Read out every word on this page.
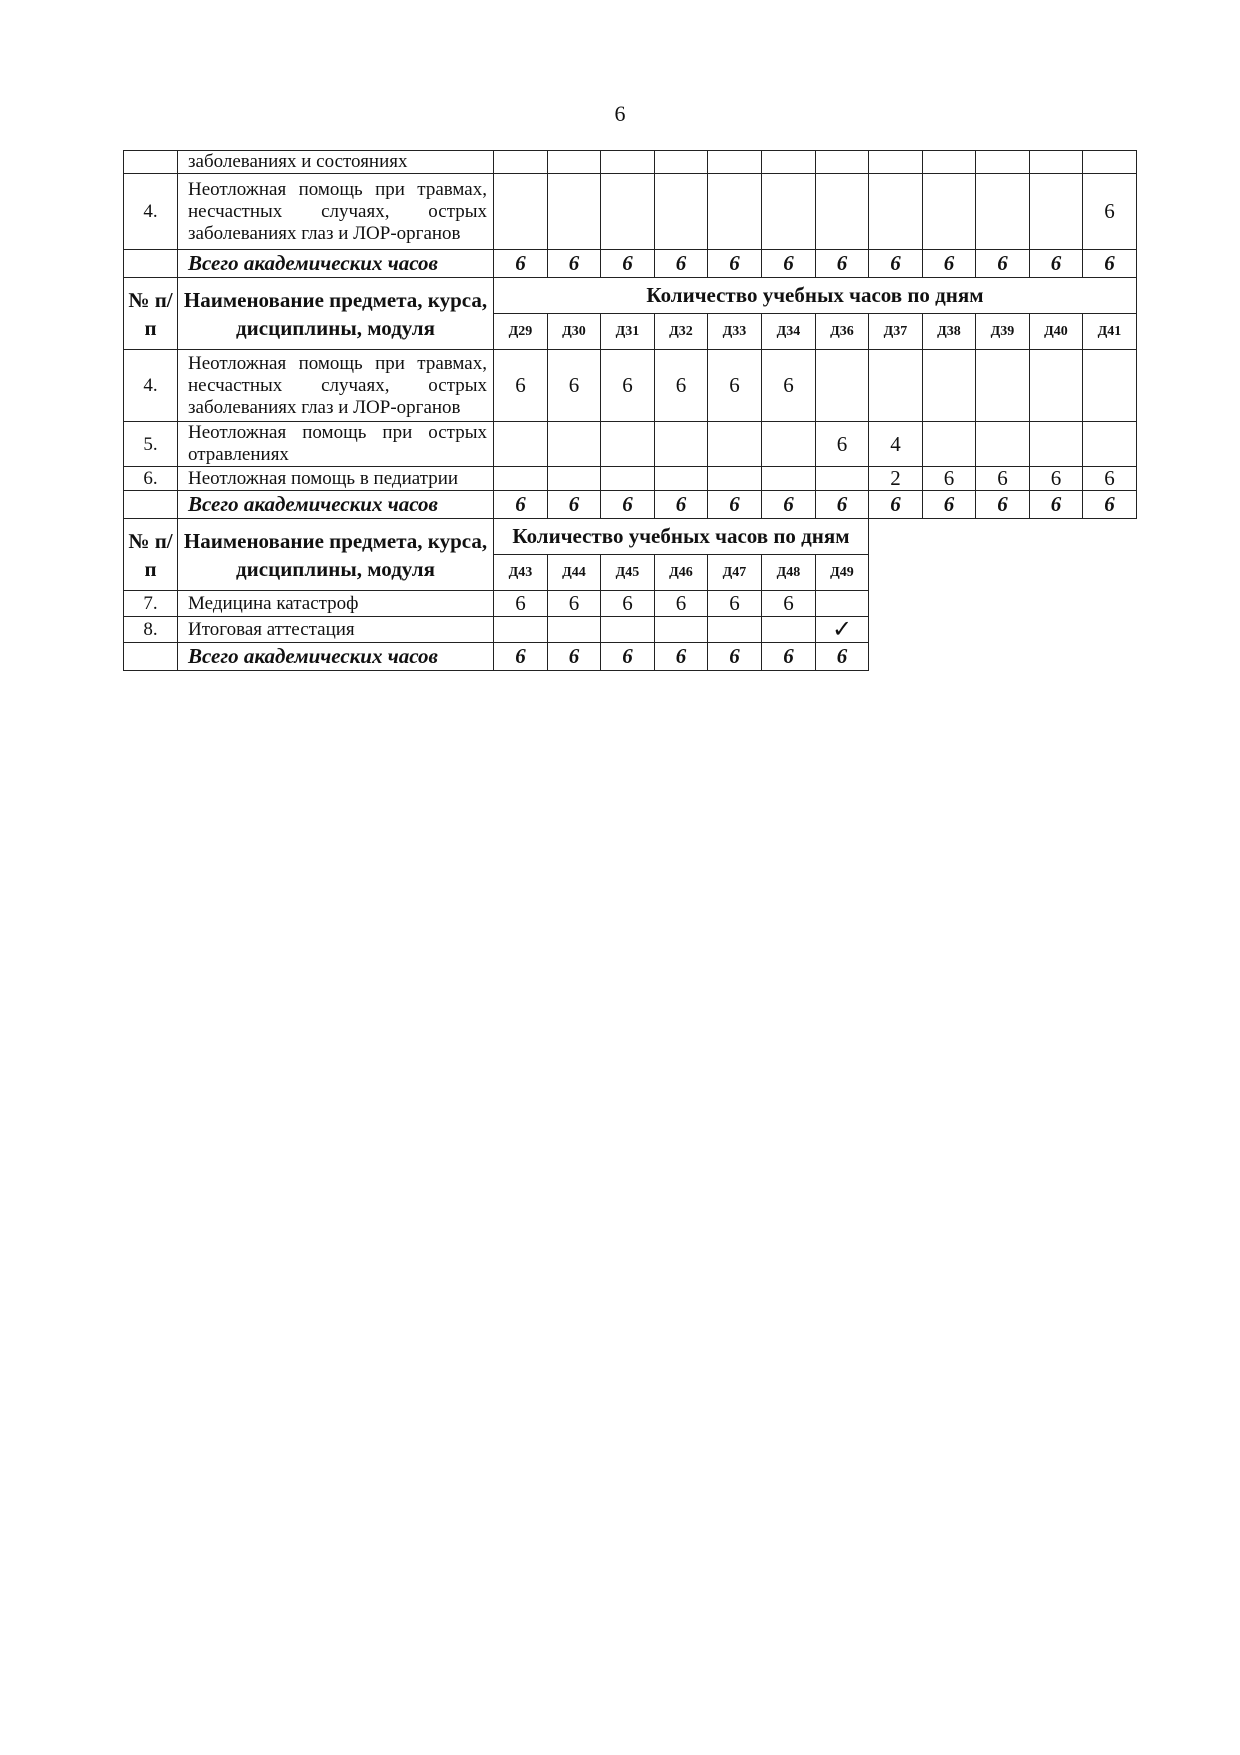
6
	заболеваниях и состояниях												
4.	Неотложная помощь при травмах, несчастных случаях, острых заболеваниях глаз и ЛОР-органов												6
	Всего академических часов	6	6	6	6	6	6	6	6	6	6	6	6
№ п/п	Наименование предмета, курса, дисциплины, модуля	Количество учебных часов по дням											
		Д29	Д30	Д31	Д32	Д33	Д34	Д36	Д37	Д38	Д39	Д40	Д41
4.	Неотложная помощь при травмах, несчастных случаях, острых заболеваниях глаз и ЛОР-органов	6	6	6	6	6	6						
5.	Неотложная помощь при острых отравлениях							6	4				
6.	Неотложная помощь в педиатрии								2	6	6	6	6
	Всего академических часов	6	6	6	6	6	6	6	6	6	6	6	6
№ п/п	Наименование предмета, курса, дисциплины, модуля	Количество учебных часов по дням											
		Д43	Д44	Д45	Д46	Д47	Д48	Д49					
7.	Медицина катастроф	6	6	6	6	6	6						
8.	Итоговая аттестация							✓					
	Всего академических часов	6	6	6	6	6	6	6					
